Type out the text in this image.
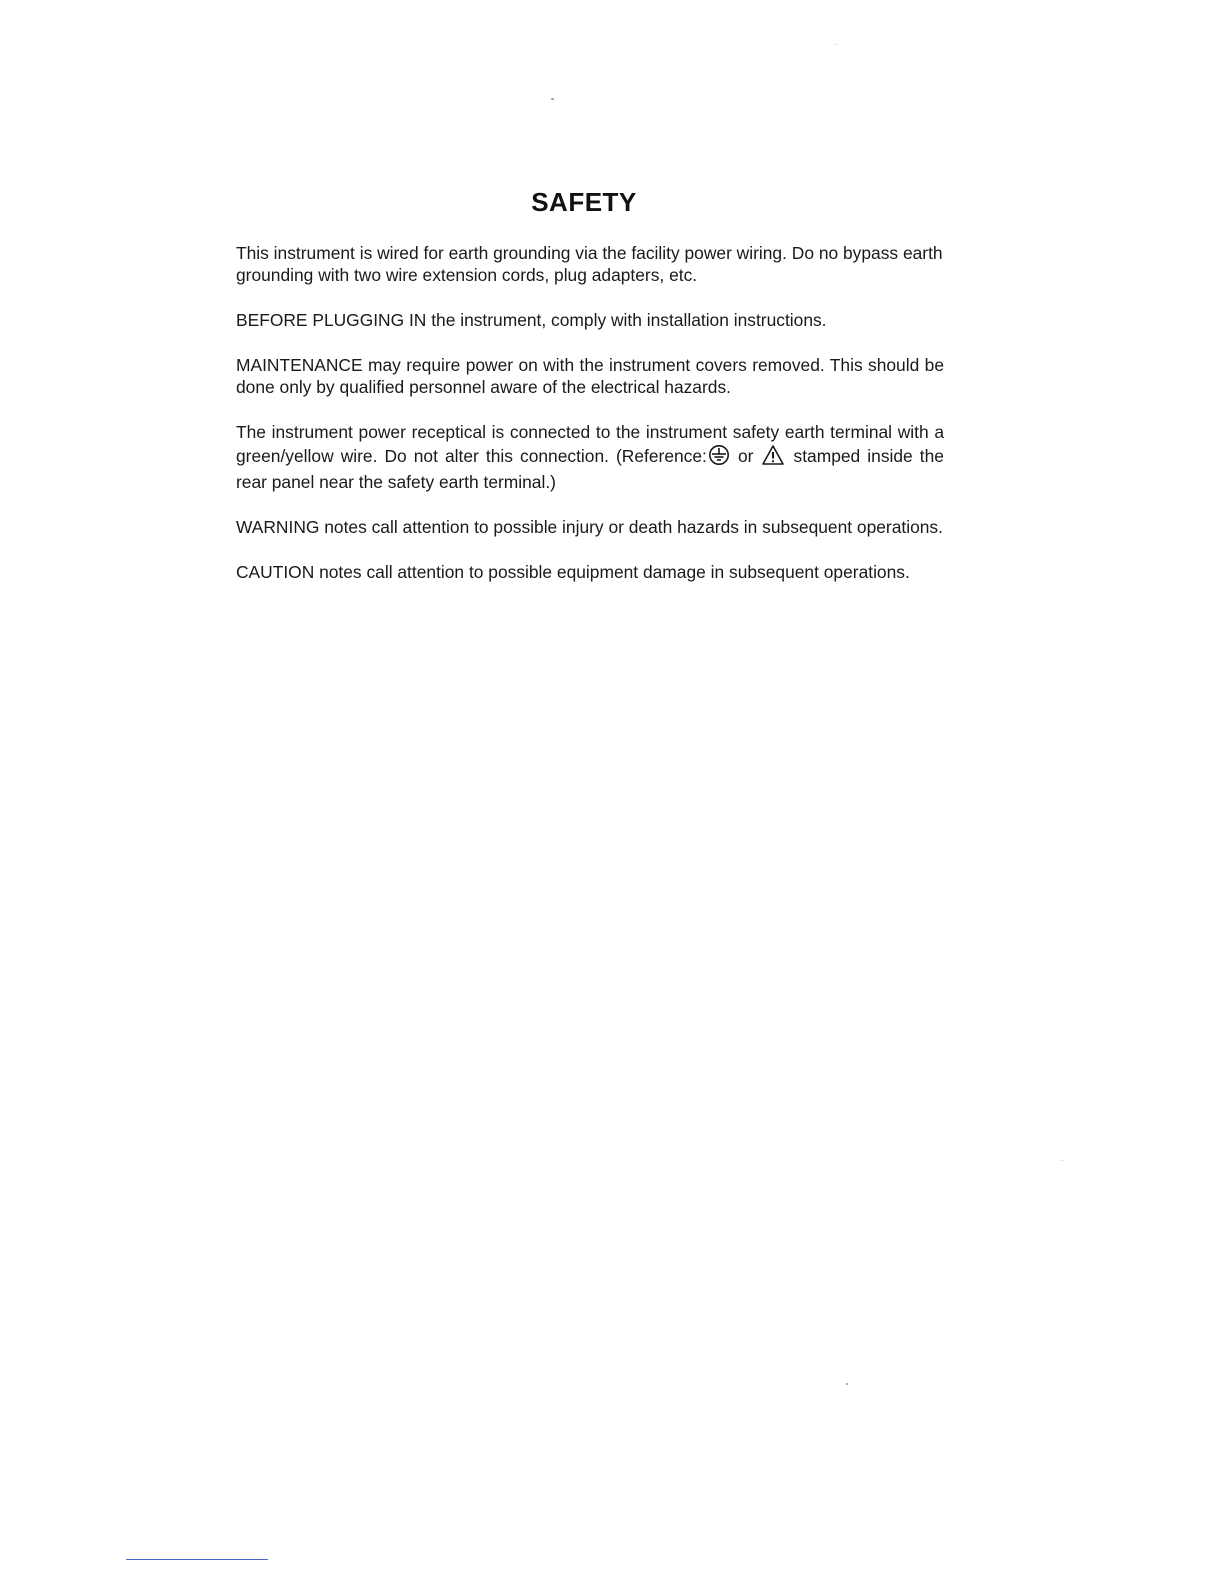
SAFETY

This instrument is wired for earth grounding via the facility power wiring. Do no bypass earth grounding with two wire extension cords, plug adapters, etc.

BEFORE PLUGGING IN the instrument, comply with installation instructions.

MAINTENANCE may require power on with the instrument covers removed. This should be done only by qualified personnel aware of the electrical hazards.

The instrument power receptical is connected to the instrument safety earth terminal with a green/yellow wire. Do not alter this connection. (Reference: or stamped inside the rear panel near the safety earth terminal.)

WARNING notes call attention to possible injury or death hazards in subsequent operations.

CAUTION notes call attention to possible equipment damage in subsequent operations.
